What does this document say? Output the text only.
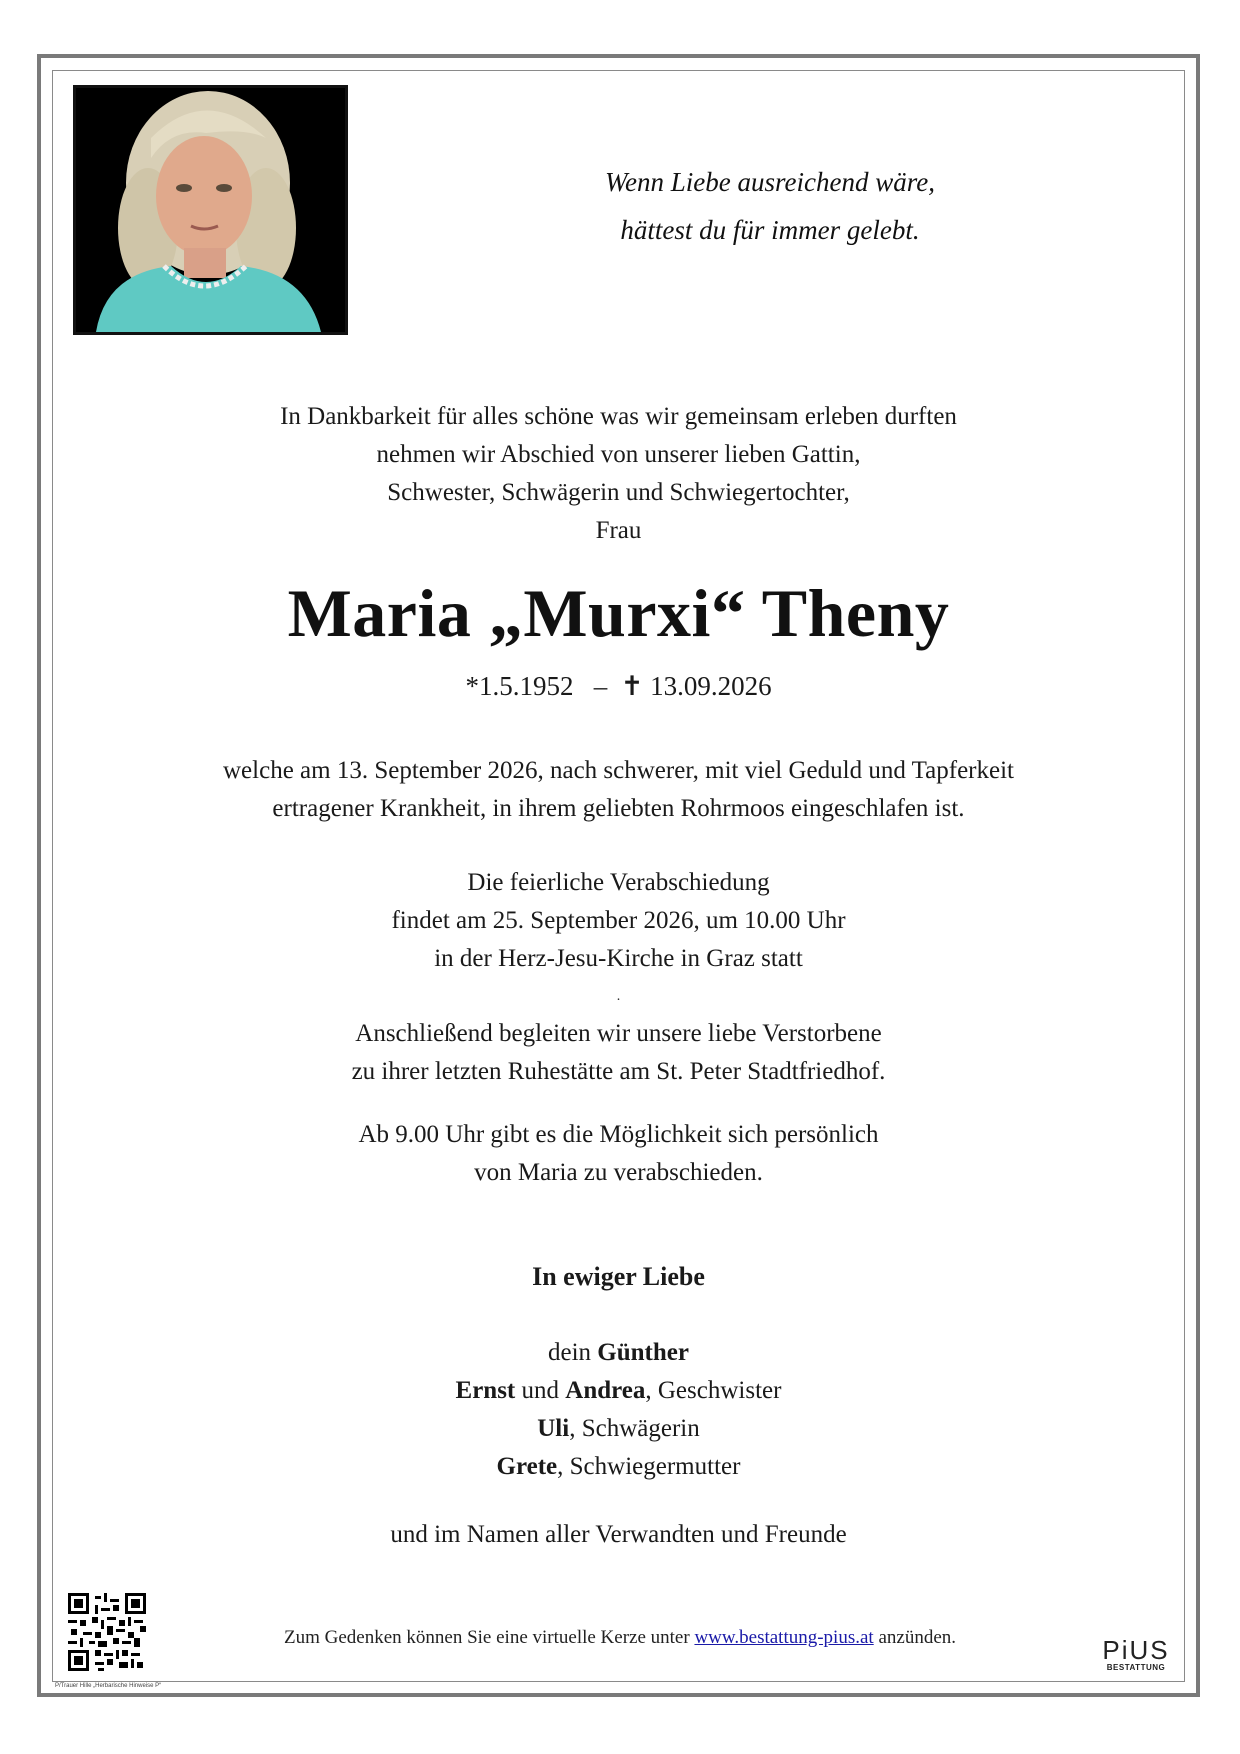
Wenn Liebe ausreichend wäre,
hättest du für immer gelebt.
In Dankbarkeit für alles schöne was wir gemeinsam erleben durften
nehmen wir Abschied von unserer lieben Gattin,
Schwester, Schwägerin und Schwiegertochter,
Frau
Maria „Murxi“ Theny
*1.5.1952 – ✝ 13.09.2026
welche am 13. September 2026, nach schwerer, mit viel Geduld und Tapferkeit
ertragener Krankheit, in ihrem geliebten Rohrmoos eingeschlafen ist.
Die feierliche Verabschiedung
findet am 25. September 2026, um 10.00 Uhr
in der Herz-Jesu-Kirche in Graz statt
.
Anschließend begleiten wir unsere liebe Verstorbene
zu ihrer letzten Ruhestätte am St. Peter Stadtfriedhof.
Ab 9.00 Uhr gibt es die Möglichkeit sich persönlich
von Maria zu verabschieden.
In ewiger Liebe
dein Günther
Ernst und Andrea, Geschwister
Uli, Schwägerin
Grete, Schwiegermutter
und im Namen aller Verwandten und Freunde
Zum Gedenken können Sie eine virtuelle Kerze unter www.bestattung-pius.at anzünden.
P/Trauer Hille „Herbarische Hinweise P“
PiUS
BESTATTUNG
